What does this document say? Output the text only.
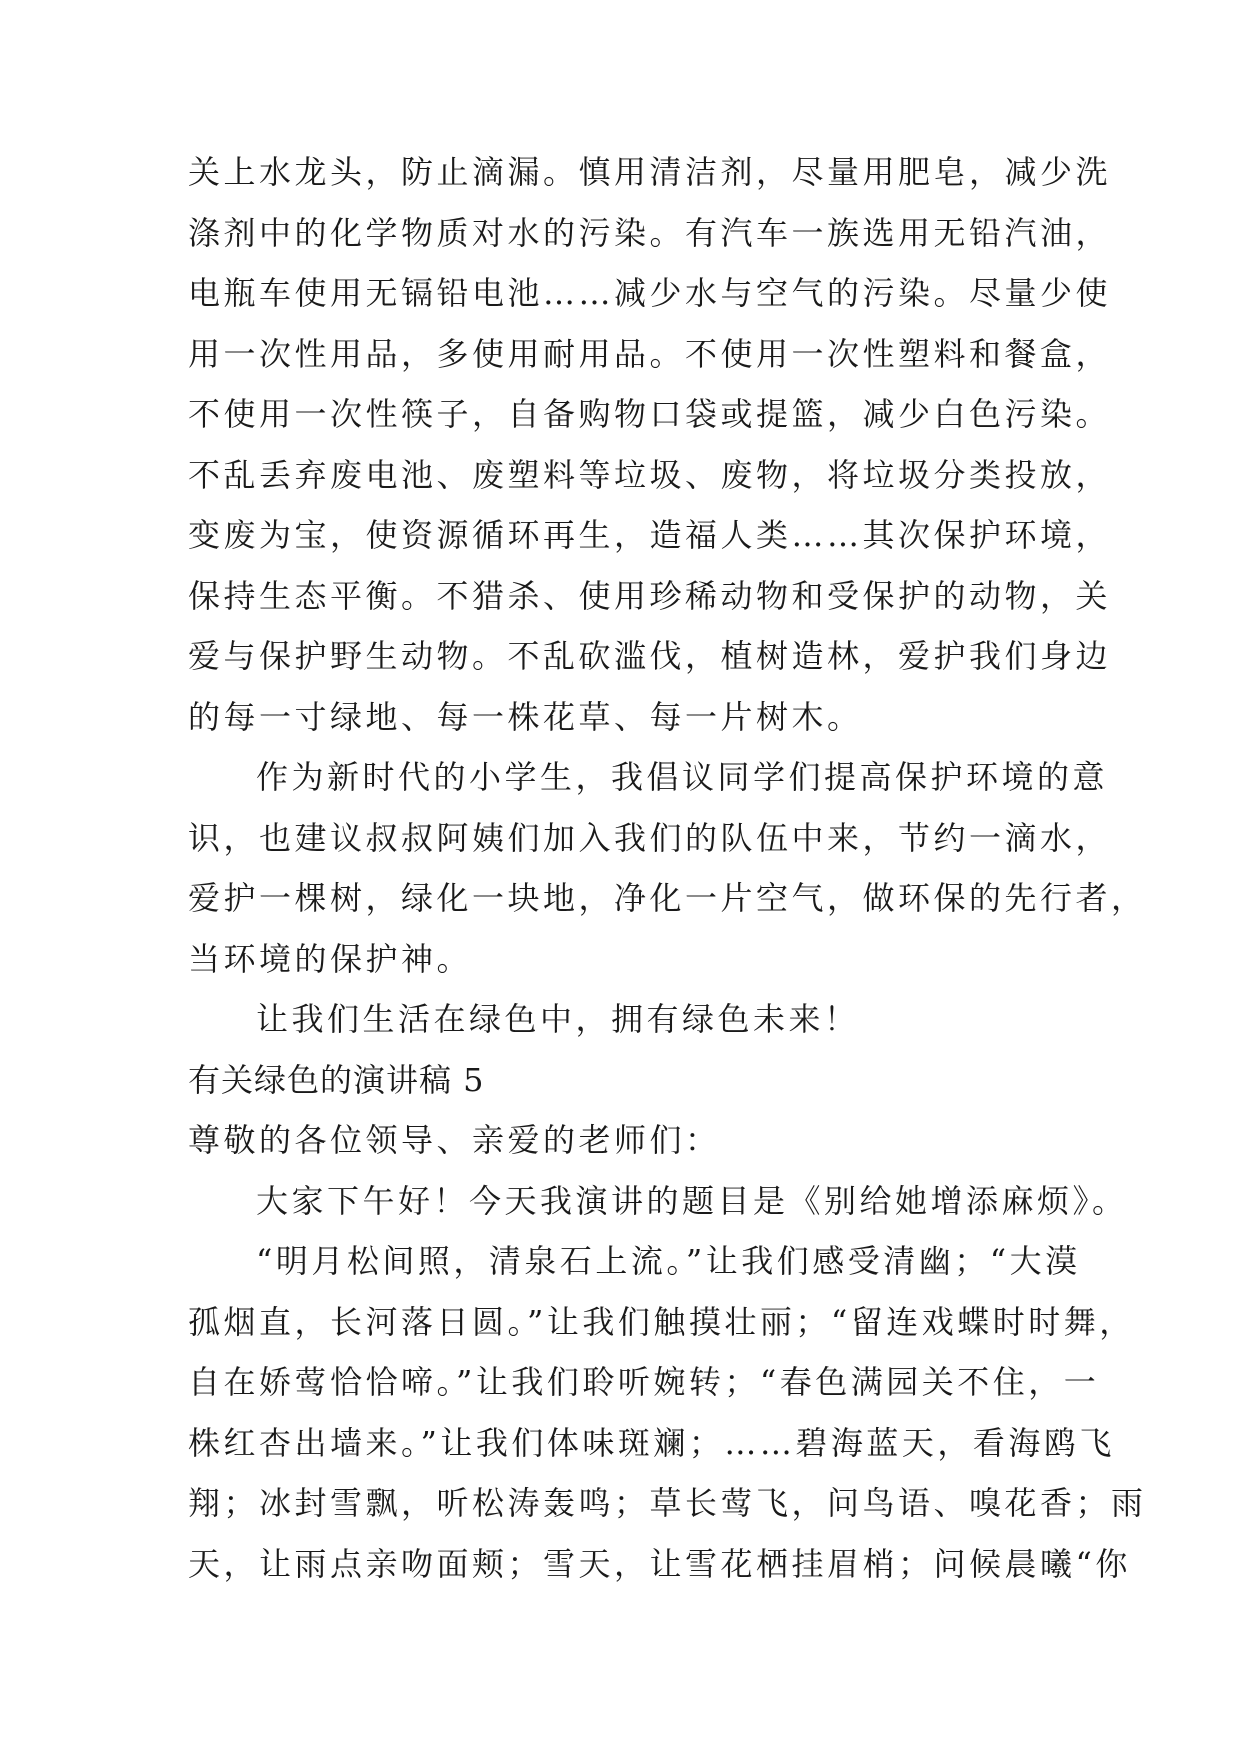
关上水龙头，防止滴漏。慎用清洁剂，尽量用肥皂，减少洗
涤剂中的化学物质对水的污染。有汽车一族选用无铅汽油，
电瓶车使用无镉铅电池……减少水与空气的污染。尽量少使
用一次性用品，多使用耐用品。不使用一次性塑料和餐盒，
不使用一次性筷子，自备购物口袋或提篮，减少白色污染。
不乱丢弃废电池、废塑料等垃圾、废物，将垃圾分类投放，
变废为宝，使资源循环再生，造福人类……其次保护环境，
保持生态平衡。不猎杀、使用珍稀动物和受保护的动物，关
爱与保护野生动物。不乱砍滥伐，植树造林，爱护我们身边
的每一寸绿地、每一株花草、每一片树木。
作为新时代的小学生，我倡议同学们提高保护环境的意
识，也建议叔叔阿姨们加入我们的队伍中来，节约一滴水，
爱护一棵树，绿化一块地，净化一片空气，做环保的先行者，
当环境的保护神。
让我们生活在绿色中，拥有绿色未来！
有关绿色的演讲稿 5
尊敬的各位领导、亲爱的老师们：
大家下午好！今天我演讲的题目是《别给她增添麻烦》。
“明月松间照，清泉石上流。”让我们感受清幽；“大漠
孤烟直，长河落日圆。”让我们触摸壮丽；“留连戏蝶时时舞，
自在娇莺恰恰啼。”让我们聆听婉转；“春色满园关不住，一
株红杏出墙来。”让我们体味斑斓；……碧海蓝天，看海鸥飞
翔；冰封雪飘，听松涛轰鸣；草长莺飞，问鸟语、嗅花香；雨
天，让雨点亲吻面颊；雪天，让雪花栖挂眉梢；问候晨曦“你
